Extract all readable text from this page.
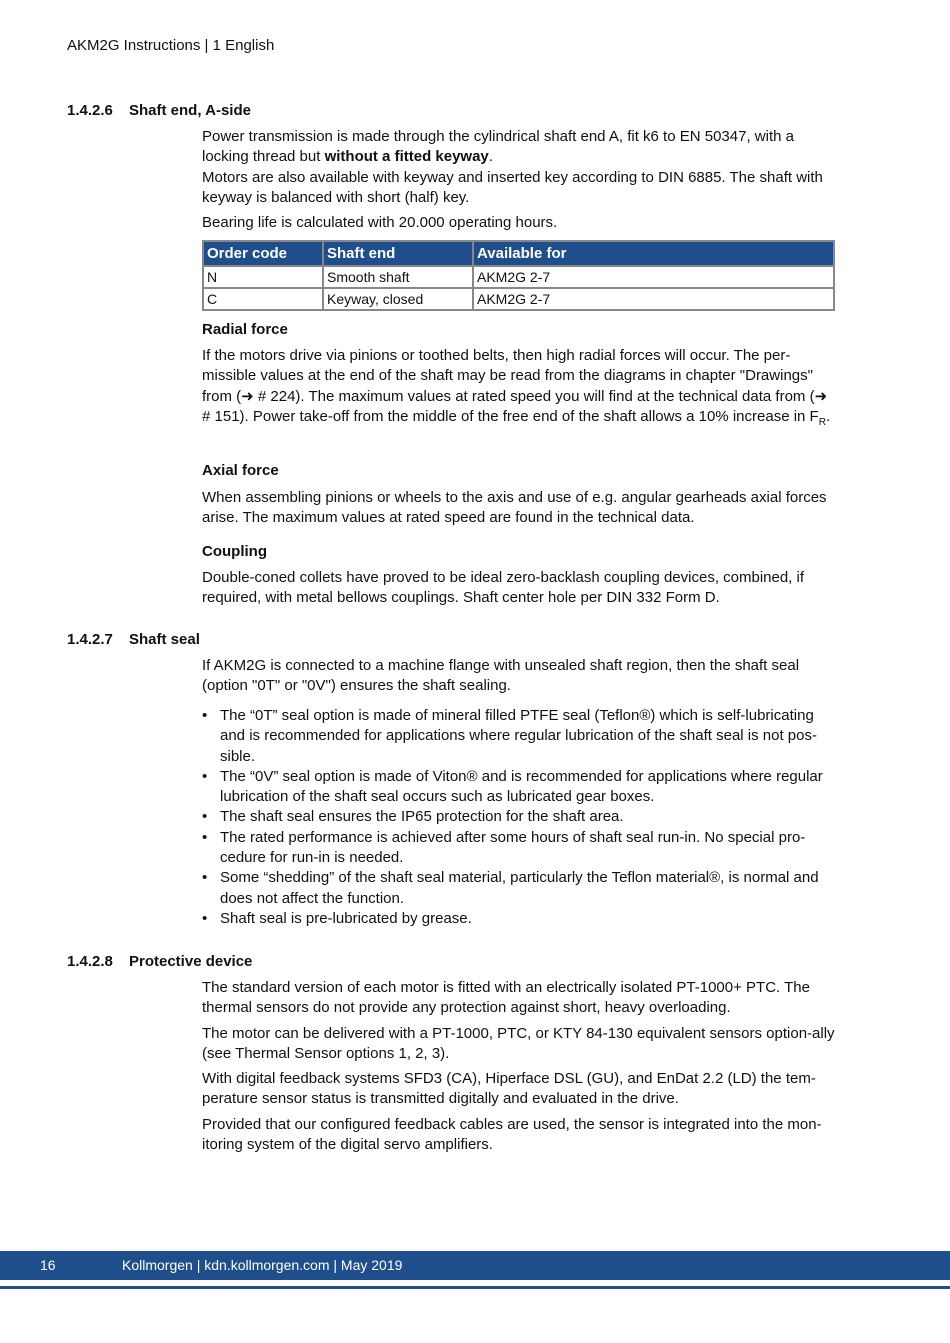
AKM2G Instructions | 1 English
1.4.2.6 Shaft end, A-side

Power transmission is made through the cylindrical shaft end A, fit k6 to EN 50347, with a locking thread but without a fitted keyway.

Motors are also available with keyway and inserted key according to DIN 6885. The shaft with keyway is balanced with short (half) key.

Bearing life is calculated with 20.000 operating hours.

Order code	Shaft end	Available for
N	Smooth shaft	AKM2G 2-7
C	Keyway, closed	AKM2G 2-7
Radial force

If the motors drive via pinions or toothed belts, then high radial forces will occur. The per-missible values at the end of the shaft may be read from the diagrams in chapter "Drawings" from (➜ # 224). The maximum values at rated speed you will find at the technical data from (➜ # 151). Power take-off from the middle of the free end of the shaft allows a 10% increase in $F_R$.

Axial force

When assembling pinions or wheels to the axis and use of e.g. angular gearheads axial forces arise. The maximum values at rated speed are found in the technical data.

Coupling

Double-coned collets have proved to be ideal zero-backlash coupling devices, combined, if required, with metal bellows couplings. Shaft center hole per DIN 332 Form D.

1.4.2.7 Shaft seal

If AKM2G is connected to a machine flange with unsealed shaft region, then the shaft seal (option "0T" or "0V") ensures the shaft sealing.

• The “0T” seal option is made of mineral filled PTFE seal (Teflon®) which is self-lubricating and is recommended for applications where regular lubrication of the shaft seal is not pos-sible.
• The “0V” seal option is made of Viton® and is recommended for applications where regular lubrication of the shaft seal occurs such as lubricated gear boxes.
• The shaft seal ensures the IP65 protection for the shaft area.
• The rated performance is achieved after some hours of shaft seal run-in. No special pro-cedure for run-in is needed.
• Some “shedding” of the shaft seal material, particularly the Teflon material®, is normal and does not affect the function.
• Shaft seal is pre-lubricated by grease.
1.4.2.8 Protective device

The standard version of each motor is fitted with an electrically isolated PT-1000+ PTC. The thermal sensors do not provide any protection against short, heavy overloading.

The motor can be delivered with a PT-1000, PTC, or KTY 84-130 equivalent sensors option-ally (see Thermal Sensor options 1, 2, 3).

With digital feedback systems SFD3 (CA), Hiperface DSL (GU), and EnDat 2.2 (LD) the tem-perature sensor status is transmitted digitally and evaluated in the drive.

Provided that our configured feedback cables are used, the sensor is integrated into the mon-itoring system of the digital servo amplifiers.

16	Kollmorgen | kdn.kollmorgen.com | May 2019
